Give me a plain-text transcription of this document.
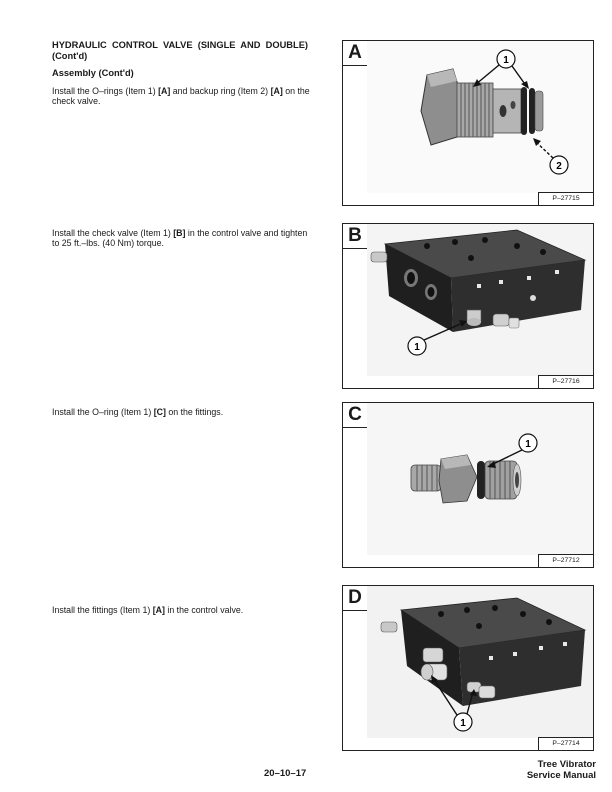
HYDRAULIC CONTROL VALVE (SINGLE AND DOUBLE) (Cont'd)
Assembly (Cont'd)
Install the O–rings (Item 1) [A] and backup ring (Item 2) [A] on the check valve.
Install the check valve (Item 1) [B] in the control valve and tighten to 25 ft.–lbs. (40 Nm) torque.
Install the O–ring (Item 1) [C] on the fittings.
Install the fittings (Item 1) [A] in the control valve.
A	1
2
P–27715
B
1
P–27716
C
1
P–27712
D
1
P–27714
20–10–17
Tree Vibrator
Service Manual
